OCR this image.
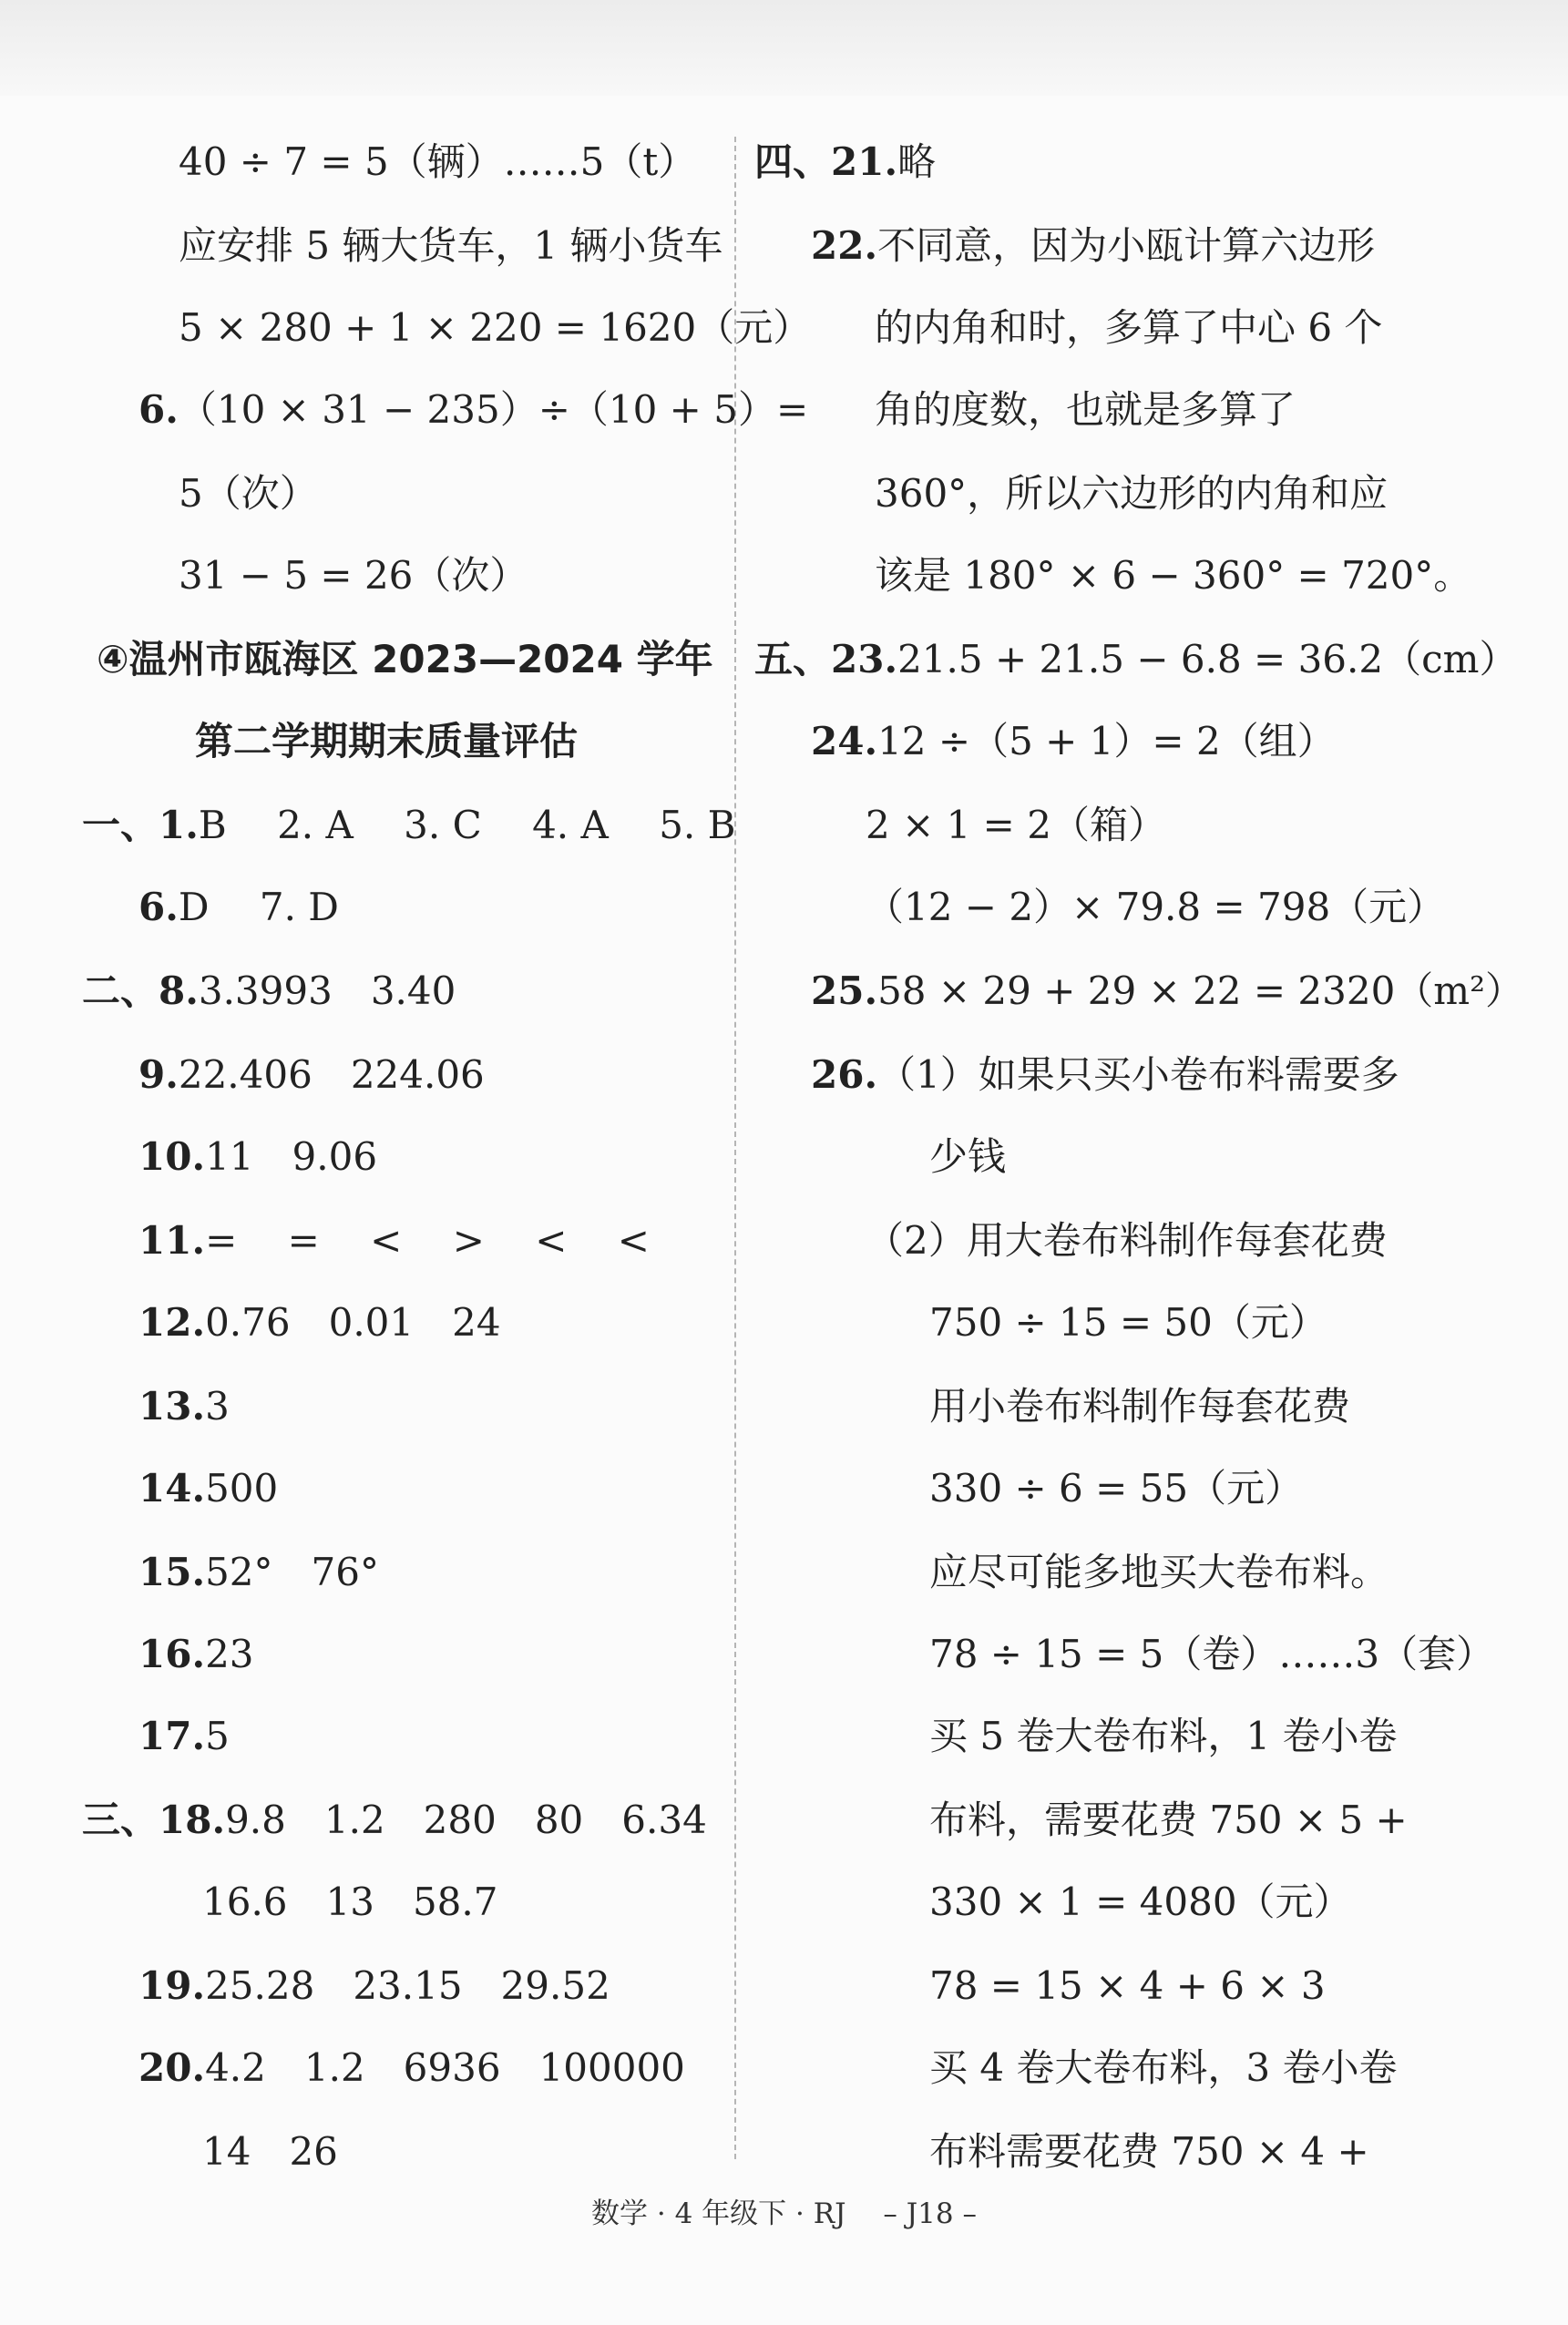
40 ÷ 7 = 5（辆）……5（t）
应安排 5 辆大货车，1 辆小货车
5 × 280 + 1 × 220 = 1620（元）
6.（10 × 31 − 235）÷（10 + 5）=
5（次）
31 − 5 = 26（次）
④温州市瓯海区 2023—2024 学年
第二学期期末质量评估
一、1.B　 2. A　 3. C　 4. A　 5. B
6.D　 7. D
二、8.3.3993　3.40
9.22.406　224.06
10.11　9.06
11.=　 =　 <　 >　 <　 <
12.0.76　0.01　24
13.3
14.500
15.52°　76°
16.23
17.5
三、18.9.8　1.2　280　80　6.34
16.6　13　58.7
19.25.28　23.15　29.52
20.4.2　1.2　6936　100000
14　26
四、21.略
22.不同意，因为小瓯计算六边形
的内角和时，多算了中心 6 个
角的度数，也就是多算了
360°，所以六边形的内角和应
该是 180° × 6 − 360° = 720°。
五、23.21.5 + 21.5 − 6.8 = 36.2（cm）
24.12 ÷（5 + 1）= 2（组）
2 × 1 = 2（箱）
（12 − 2）× 79.8 = 798（元）
25.58 × 29 + 29 × 22 = 2320（m²）
26.（1）如果只买小卷布料需要多
少钱
（2）用大卷布料制作每套花费
750 ÷ 15 = 50（元）
用小卷布料制作每套花费
330 ÷ 6 = 55（元）
应尽可能多地买大卷布料。
78 ÷ 15 = 5（卷）……3（套）
买 5 卷大卷布料，1 卷小卷
布料，需要花费 750 × 5 +
330 × 1 = 4080（元）
78 = 15 × 4 + 6 × 3
买 4 卷大卷布料，3 卷小卷
布料需要花费 750 × 4 +
数学 · 4 年级下 · RJ　 – J18 –
